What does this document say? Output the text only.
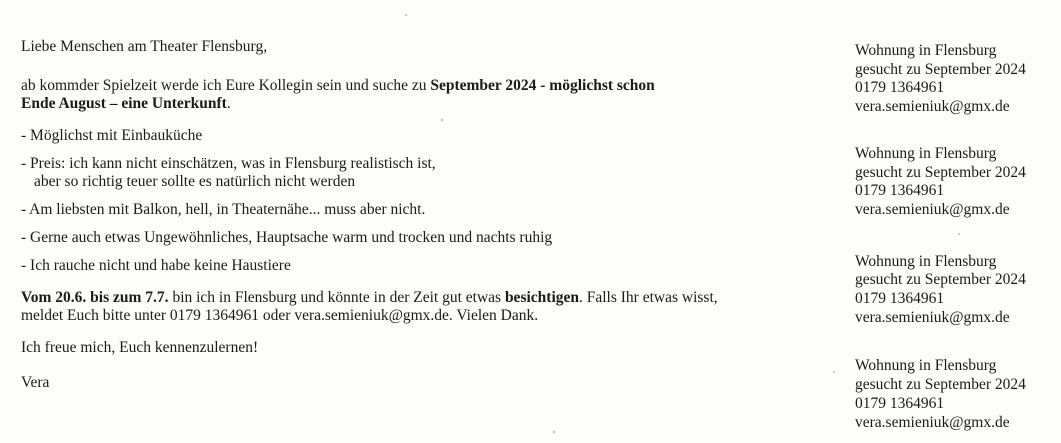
Liebe Menschen am Theater Flensburg,

ab kommder Spielzeit werde ich Eure Kollegin sein und suche zu September 2024 - möglichst schon
Ende August – eine Unterkunft.

- Möglichst mit Einbauküche

- Preis: ich kann nicht einschätzen, was in Flensburg realistisch ist,

aber so richtig teuer sollte es natürlich nicht werden

- Am liebsten mit Balkon, hell, in Theaternähe... muss aber nicht.

- Gerne auch etwas Ungewöhnliches, Hauptsache warm und trocken und nachts ruhig

- Ich rauche nicht und habe keine Haustiere

Vom 20.6. bis zum 7.7. bin ich in Flensburg und könnte in der Zeit gut etwas besichtigen. Falls Ihr etwas wisst,
meldet Euch bitte unter 0179 1364961 oder vera.semieniuk@gmx.de. Vielen Dank.

Ich freue mich, Euch kennenzulernen!

Vera

Wohnung in Flensburg
gesucht zu September 2024
0179 1364961
vera.semieniuk@gmx.de
Wohnung in Flensburg
gesucht zu September 2024
0179 1364961
vera.semieniuk@gmx.de
Wohnung in Flensburg
gesucht zu September 2024
0179 1364961
vera.semieniuk@gmx.de
Wohnung in Flensburg
gesucht zu September 2024
0179 1364961
vera.semieniuk@gmx.de
